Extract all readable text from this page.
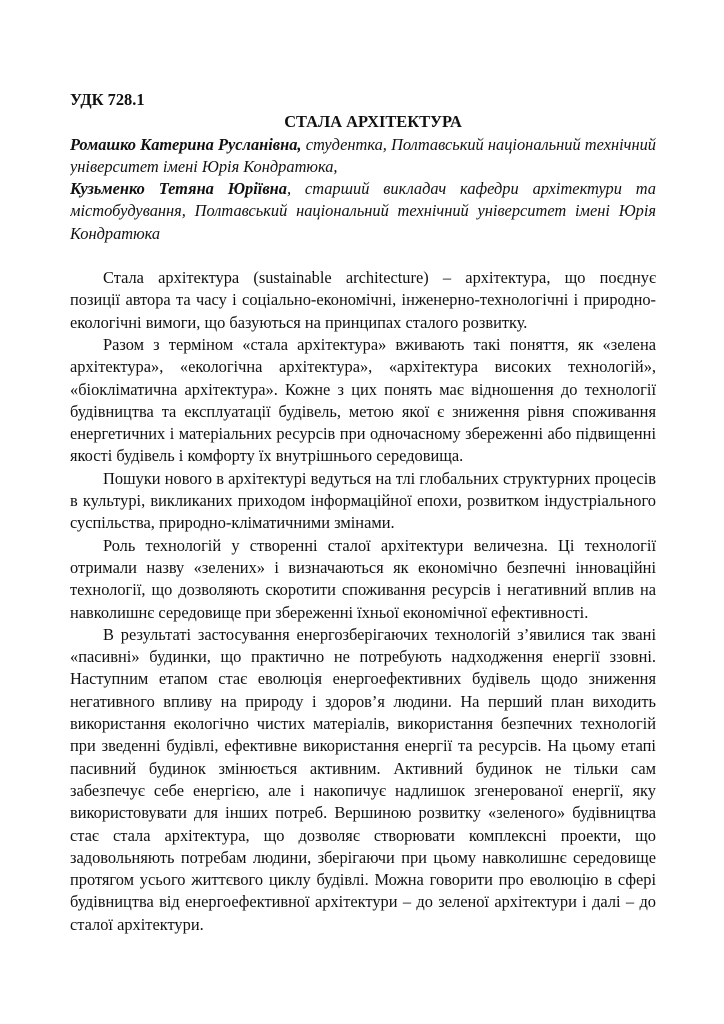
УДК 728.1
СТАЛА АРХІТЕКТУРА
Ромашко Катерина Русланівна, студентка, Полтавський національний технічний
університет імені Юрія Кондратюка,
Кузьменко Тетяна Юріївна, старший викладач кафедри архітектури та
містобудування, Полтавський національний технічний університет імені Юрія
Кондратюка
Стала архітектура (sustainable architecture) – архітектура, що поєднує
позиції автора та часу і соціально-економічні, інженерно-технологічні і природно-
екологічні вимоги, що базуються на принципах сталого розвитку.
Разом з терміном «стала архітектура» вживають такі поняття, як «зелена
архітектура», «екологічна архітектура», «архітектура високих технологій»,
«біокліматична архітектура». Кожне з цих понять має відношення до технології
будівництва та експлуатації будівель, метою якої є зниження рівня споживання
енергетичних і матеріальних ресурсів при одночасному збереженні або підвищенні
якості будівель і комфорту їх внутрішнього середовища.
Пошуки нового в архітектурі ведуться на тлі глобальних структурних процесів
в культурі, викликаних приходом інформаційної епохи, розвитком індустріального
суспільства, природно-кліматичними змінами.
Роль технологій у створенні сталої архітектури величезна. Ці технології
отримали назву «зелених» і визначаються як економічно безпечні інноваційні
технології, що дозволяють скоротити споживання ресурсів і негативний вплив на
навколишнє середовище при збереженні їхньої економічної ефективності.
В результаті застосування енергозберігаючих технологій з’явилися так звані
«пасивні» будинки, що практично не потребують надходження енергії ззовні.
Наступним етапом стає еволюція енергоефективних будівель щодо зниження
негативного впливу на природу і здоров’я людини. На перший план виходить
використання екологічно чистих матеріалів, використання безпечних технологій
при зведенні будівлі, ефективне використання енергії та ресурсів. На цьому етапі
пасивний будинок змінюється активним. Активний будинок не тільки сам
забезпечує себе енергією, але і накопичує надлишок згенерованої енергії, яку
використовувати для інших потреб. Вершиною розвитку «зеленого» будівництва
стає стала архітектура, що дозволяє створювати комплексні проекти, що
задовольняють потребам людини, зберігаючи при цьому навколишнє середовище
протягом усього життєвого циклу будівлі. Можна говорити про еволюцію в сфері
будівництва від енергоефективної архітектури – до зеленої архітектури і далі – до
сталої архітектури.
